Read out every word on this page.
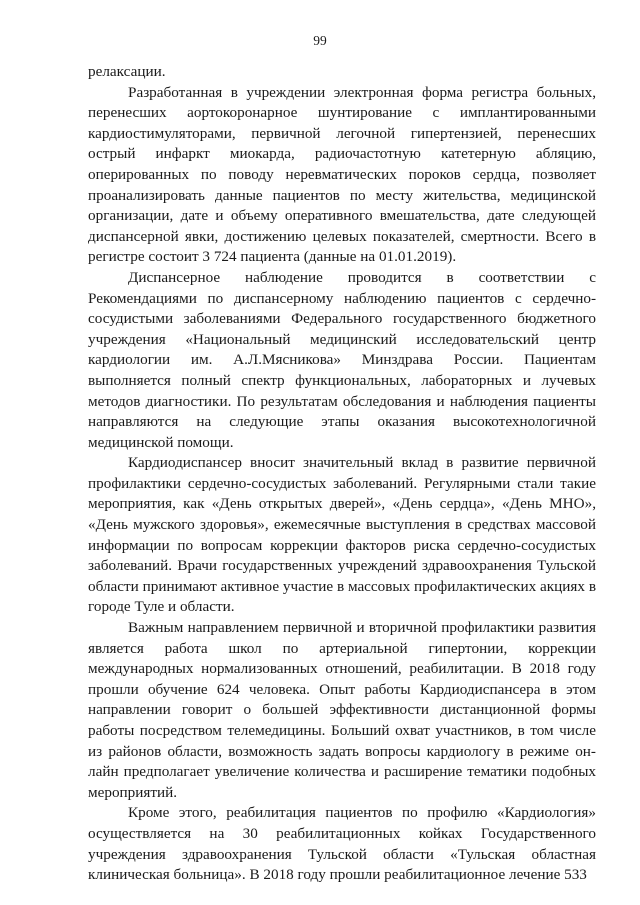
99

релаксации.

Разработанная в учреждении электронная форма регистра больных, перенесших аортокоронарное шунтирование с имплантированными кардиостимуляторами, первичной легочной гипертензией, перенесших острый инфаркт миокарда, радиочастотную катетерную абляцию, оперированных по поводу неревматических пороков сердца, позволяет проанализировать данные пациентов по месту жительства, медицинской организации, дате и объему оперативного вмешательства, дате следующей диспансерной явки, достижению целевых показателей, смертности. Всего в регистре состоит 3 724 пациента (данные на 01.01.2019).

Диспансерное наблюдение проводится в соответствии с Рекомендациями по диспансерному наблюдению пациентов с сердечно-сосудистыми заболеваниями Федерального государственного бюджетного учреждения «Национальный медицинский исследовательский центр кардиологии им. А.Л.Мясникова» Минздрава России. Пациентам выполняется полный спектр функциональных, лабораторных и лучевых методов диагностики. По результатам обследования и наблюдения пациенты направляются на следующие этапы оказания высокотехнологичной медицинской помощи.

Кардиодиспансер вносит значительный вклад в развитие первичной профилактики сердечно-сосудистых заболеваний. Регулярными стали такие мероприятия, как «День открытых дверей», «День сердца», «День МНО», «День мужского здоровья», ежемесячные выступления в средствах массовой информации по вопросам коррекции факторов риска сердечно-сосудистых заболеваний. Врачи государственных учреждений здравоохранения Тульской области принимают активное участие в массовых профилактических акциях в городе Туле и области.

Важным направлением первичной и вторичной профилактики развития является работа школ по артериальной гипертонии, коррекции международных нормализованных отношений, реабилитации. В 2018 году прошли обучение 624 человека. Опыт работы Кардиодиспансера в этом направлении говорит о большей эффективности дистанционной формы работы посредством телемедицины. Больший охват участников, в том числе из районов области, возможность задать вопросы кардиологу в режиме он-лайн предполагает увеличение количества и расширение тематики подобных мероприятий.

Кроме этого, реабилитация пациентов по профилю «Кардиология» осуществляется на 30 реабилитационных койках Государственного учреждения здравоохранения Тульской области «Тульская областная клиническая больница». В 2018 году прошли реабилитационное лечение 533
